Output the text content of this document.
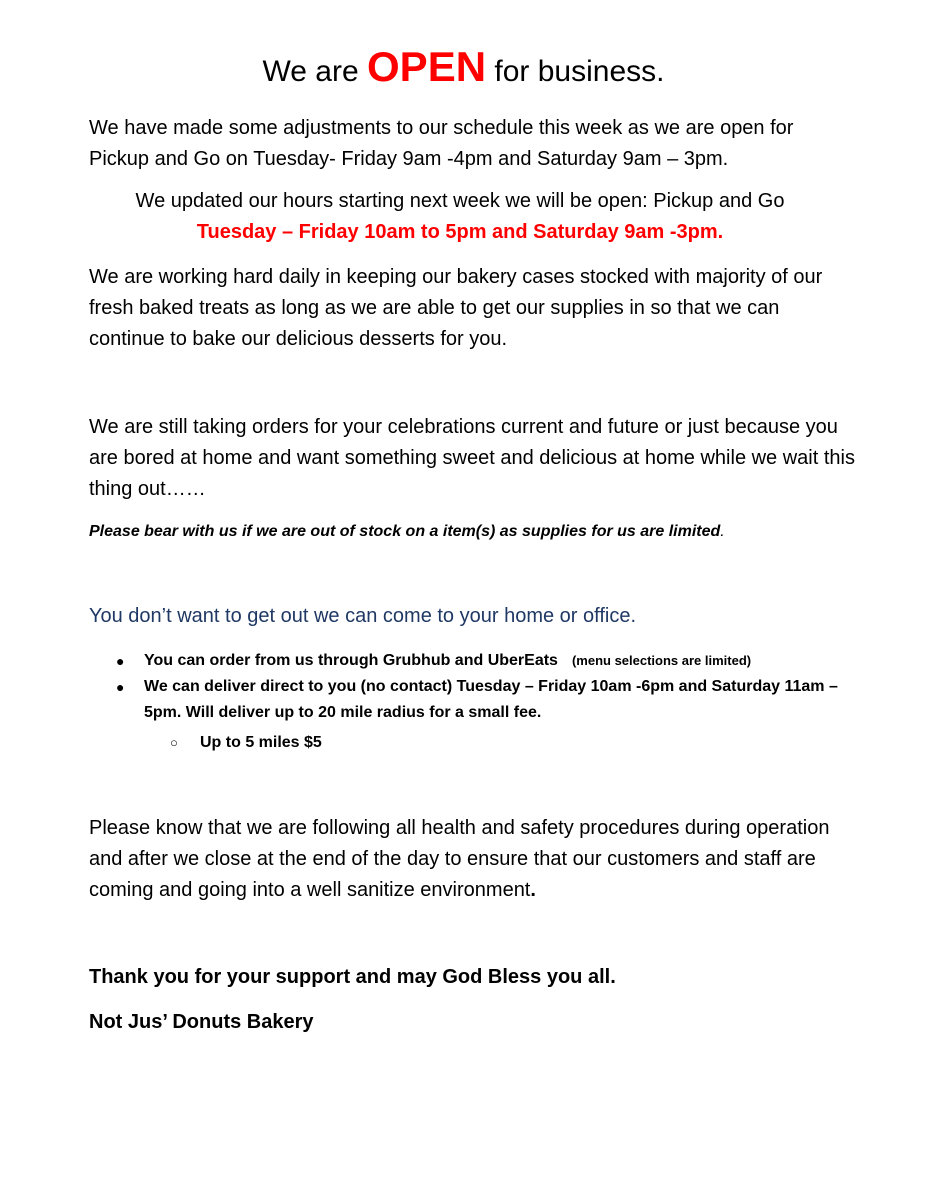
We are OPEN for business.
We have made some adjustments to our schedule this week as we are open for Pickup and Go on Tuesday- Friday 9am -4pm and Saturday 9am – 3pm.
We updated our hours starting next week we will be open: Pickup and Go
Tuesday – Friday 10am to 5pm and Saturday 9am -3pm.
We are working hard daily in keeping our bakery cases stocked with majority of our fresh baked treats as long as we are able to get our supplies in so that we can continue to bake our delicious desserts for you.
We are still taking orders for your celebrations current and future or just because you are bored at home and want something sweet and delicious at home while we wait this thing out……
Please bear with us if we are out of stock on a item(s) as supplies for us are limited.
You don’t want to get out we can come to your home or office.
● You can order from us through Grubhub and UberEats (menu selections are limited)
● We can deliver direct to you (no contact) Tuesday – Friday 10am -6pm and Saturday 11am – 5pm. Will deliver up to 20 mile radius for a small fee.
○ Up to 5 miles $5
Please know that we are following all health and safety procedures during operation and after we close at the end of the day to ensure that our customers and staff are coming and going into a well sanitize environment.
Thank you for your support and may God Bless you all.
Not Jus’ Donuts Bakery
